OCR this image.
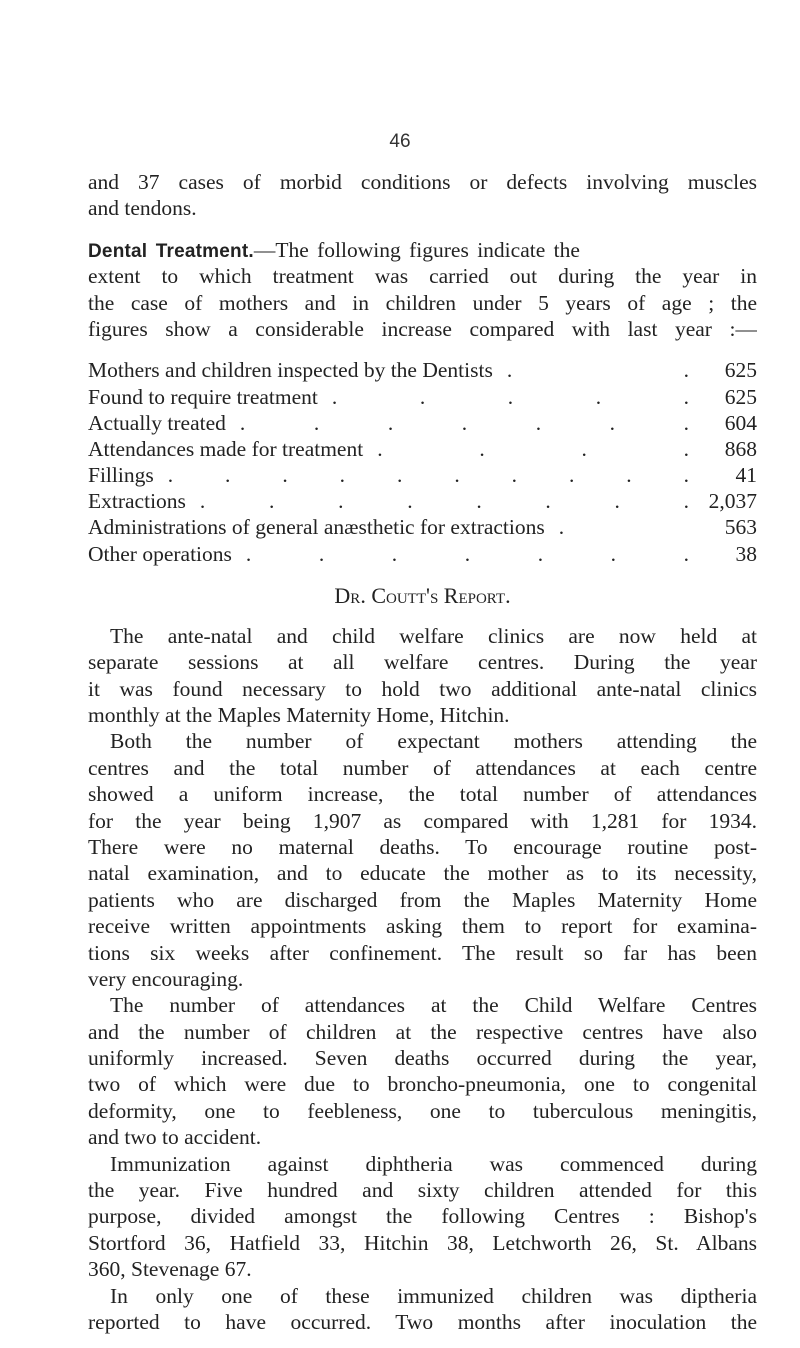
46
and 37 cases of morbid conditions or defects involving muscles
and tendons.
Dental Treatment.—The following figures indicate the
extent to which treatment was carried out during the year in
the case of mothers and in children under 5 years of age ; the
figures show a considerable increase compared with last year :—
Mothers and children inspected by the Dentists . .	625
Found to require treatment . . . . .	625
Actually treated . . . . . . .	604
Attendances made for treatment . . . .	868
Fillings . . . . . . . . . .	41
Extractions . . . . . . . . 2,037
Administrations of general anæsthetic for extractions .	563
Other operations . . . . . . .	38
Dr. Coutt's Report.
The ante-natal and child welfare clinics are now held at
separate sessions at all welfare centres. During the year
it was found necessary to hold two additional ante-natal clinics
monthly at the Maples Maternity Home, Hitchin.
Both the number of expectant mothers attending the
centres and the total number of attendances at each centre
showed a uniform increase, the total number of attendances
for the year being 1,907 as compared with 1,281 for 1934.
There were no maternal deaths. To encourage routine post-
natal examination, and to educate the mother as to its necessity,
patients who are discharged from the Maples Maternity Home
receive written appointments asking them to report for examina-
tions six weeks after confinement. The result so far has been
very encouraging.
The number of attendances at the Child Welfare Centres
and the number of children at the respective centres have also
uniformly increased. Seven deaths occurred during the year,
two of which were due to broncho-pneumonia, one to congenital
deformity, one to feebleness, one to tuberculous meningitis,
and two to accident.
Immunization against diphtheria was commenced during
the year. Five hundred and sixty children attended for this
purpose, divided amongst the following Centres : Bishop's
Stortford 36, Hatfield 33, Hitchin 38, Letchworth 26, St. Albans
360, Stevenage 67.
In only one of these immunized children was diptheria
reported to have occurred. Two months after inoculation the
